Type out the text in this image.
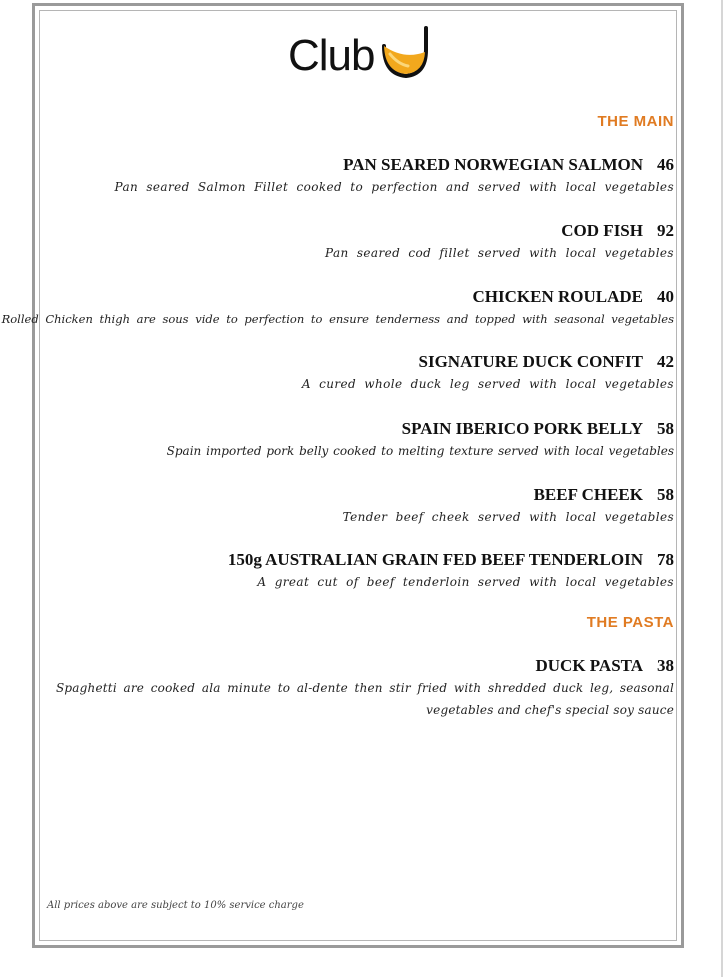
Club
THE MAIN
PAN SEARED NORWEGIAN SALMON 46
Pan seared Salmon Fillet cooked to perfection and served with local vegetables
COD FISH 92
Pan seared cod fillet served with local vegetables
CHICKEN ROULADE 40
Rolled Chicken thigh are sous vide to perfection to ensure tenderness and topped with seasonal vegetables
SIGNATURE DUCK CONFIT 42
A cured whole duck leg served with local vegetables
SPAIN IBERICO PORK BELLY 58
Spain imported pork belly cooked to melting texture served with local vegetables
BEEF CHEEK 58
Tender beef cheek served with local vegetables
150g AUSTRALIAN GRAIN FED BEEF TENDERLOIN 78
A great cut of beef tenderloin served with local vegetables
THE PASTA
DUCK PASTA 38
Spaghetti are cooked ala minute to al-dente then stir fried with shredded duck leg, seasonal vegetables and chef's special soy sauce
All prices above are subject to 10% service charge
